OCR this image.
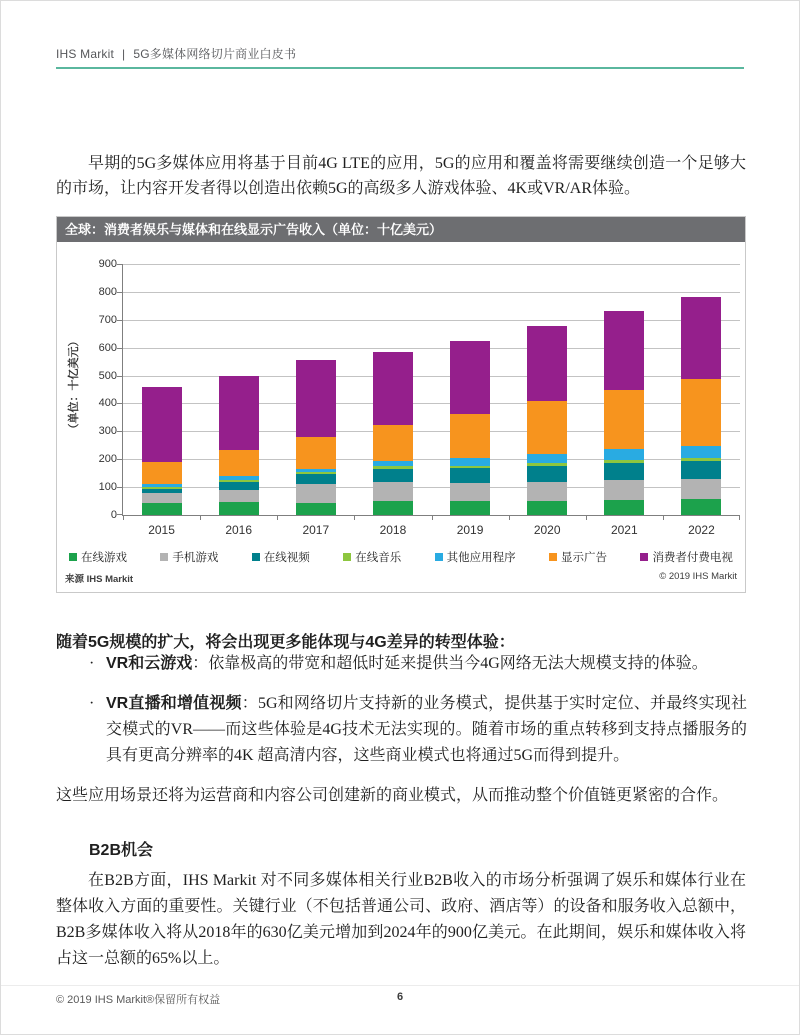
IHS Markit | 5G多媒体网络切片商业白皮书

早期的5G多媒体应用将基于目前4G LTE的应用，5G的应用和覆盖将需要继续创造一个足够大的市场，让内容开发者得以创造出依赖5G的高级多人游戏体验、4K或VR/AR体验。

全球：消费者娱乐与媒体和在线显示广告收入（单位：十亿美元）
（单位：十亿美元）
0
100
200
300
400
500
600
700
800
900
2015	2016	2017	2018	2019	2020	2021	2022
在线游戏	手机游戏	在线视频	在线音乐	其他应用程序	显示广告	消费者付费电视
来源 IHS Markit	© 2019 IHS Markit

随着5G规模的扩大，将会出现更多能体现与4G差异的转型体验：

· VR和云游戏：依靠极高的带宽和超低时延来提供当今4G网络无法大规模支持的体验。
· VR直播和增值视频：5G和网络切片支持新的业务模式，提供基于实时定位、并最终实现社交模式的VR——而这些体验是4G技术无法实现的。随着市场的重点转移到支持点播服务的具有更高分辨率的4K 超高清内容，这些商业模式也将通过5G而得到提升。

这些应用场景还将为运营商和内容公司创建新的商业模式，从而推动整个价值链更紧密的合作。

B2B机会

在B2B方面，IHS Markit 对不同多媒体相关行业B2B收入的市场分析强调了娱乐和媒体行业在整体收入方面的重要性。关键行业（不包括普通公司、政府、酒店等）的设备和服务收入总额中，B2B多媒体收入将从2018年的630亿美元增加到2024年的900亿美元。在此期间，娱乐和媒体收入将占这一总额的65%以上。

© 2019 IHS Markit®保留所有权益	6
